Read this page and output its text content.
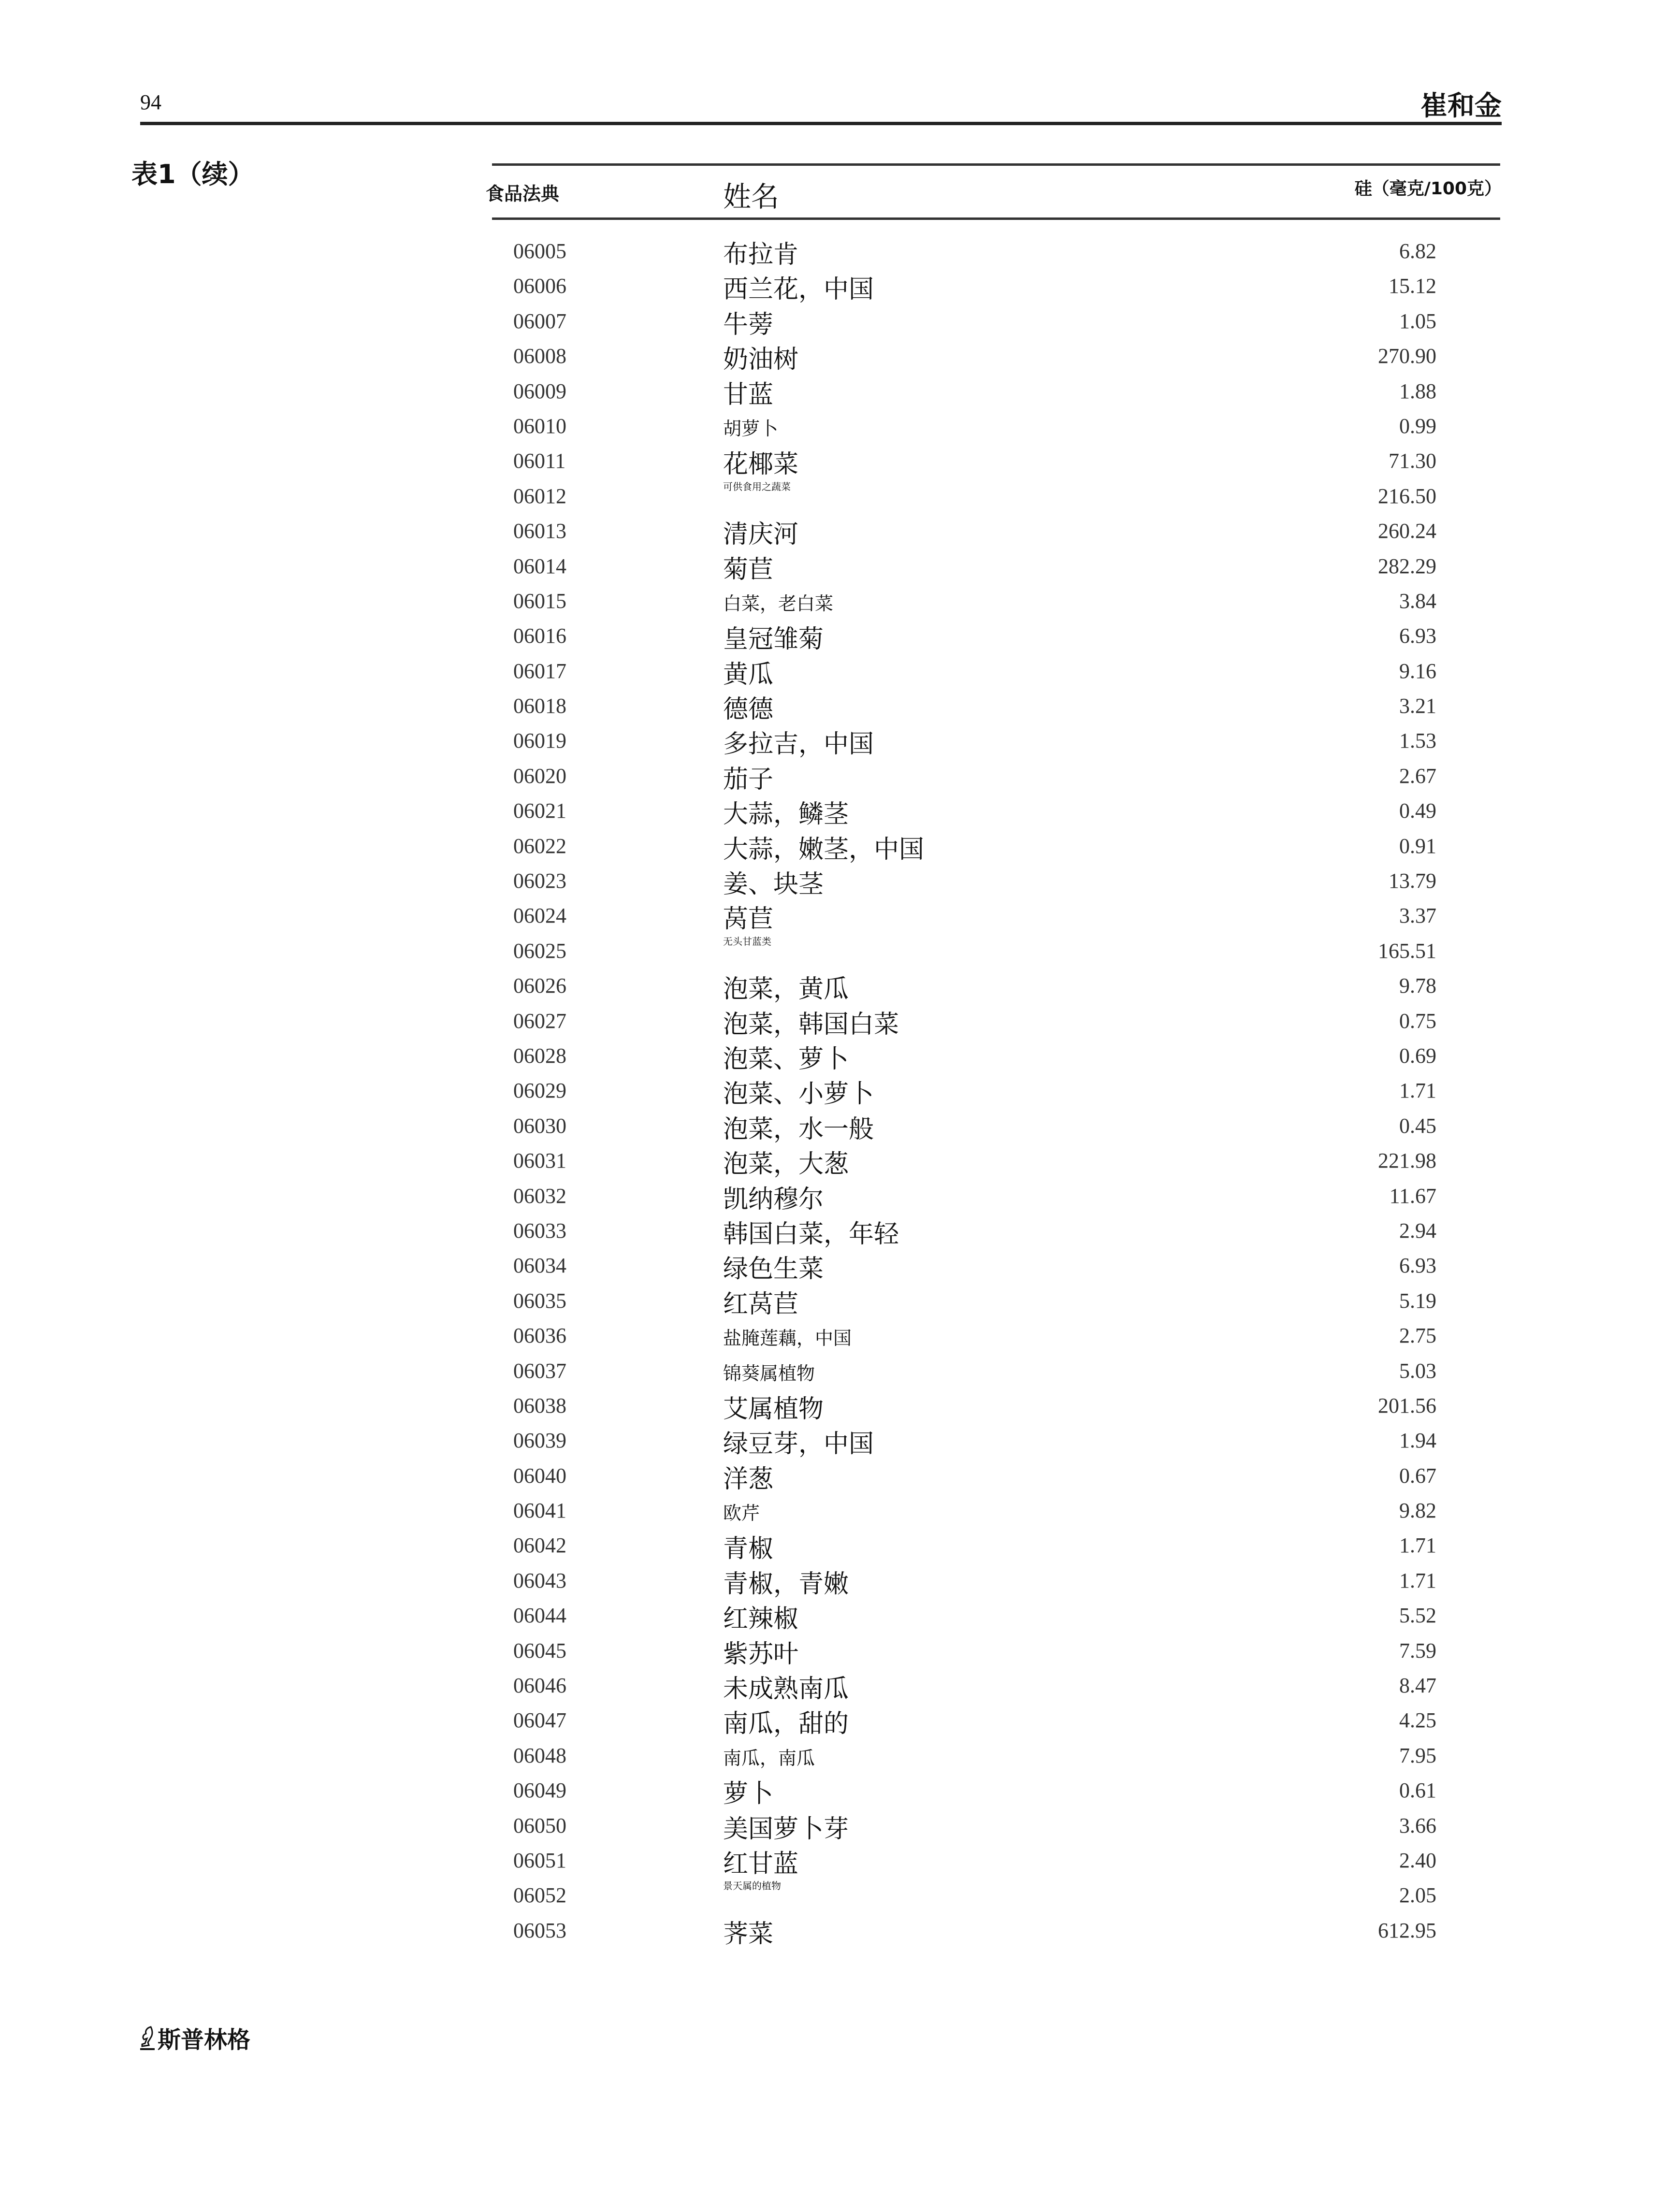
94	崔和金
表1（续）
食品法典	姓名	硅（毫克/100克）
06005	布拉肯	6.82
06006	西兰花，中国	15.12
06007	牛蒡	1.05
06008	奶油树	270.90
06009	甘蓝	1.88
06010	胡萝卜	0.99
06011	花椰菜	71.30
06012	可供食用之蔬菜	216.50
06013	清庆河	260.24
06014	菊苣	282.29
06015	白菜，老白菜	3.84
06016	皇冠雏菊	6.93
06017	黄瓜	9.16
06018	德德	3.21
06019	多拉吉，中国	1.53
06020	茄子	2.67
06021	大蒜，鳞茎	0.49
06022	大蒜，嫩茎，中国	0.91
06023	姜、块茎	13.79
06024	莴苣	3.37
06025	无头甘蓝类	165.51
06026	泡菜，黄瓜	9.78
06027	泡菜，韩国白菜	0.75
06028	泡菜、萝卜	0.69
06029	泡菜、小萝卜	1.71
06030	泡菜，水一般	0.45
06031	泡菜，大葱	221.98
06032	凯纳穆尔	11.67
06033	韩国白菜，年轻	2.94
06034	绿色生菜	6.93
06035	红莴苣	5.19
06036	盐腌莲藕，中国	2.75
06037	锦葵属植物	5.03
06038	艾属植物	201.56
06039	绿豆芽，中国	1.94
06040	洋葱	0.67
06041	欧芹	9.82
06042	青椒	1.71
06043	青椒，青嫩	1.71
06044	红辣椒	5.52
06045	紫苏叶	7.59
06046	未成熟南瓜	8.47
06047	南瓜，甜的	4.25
06048	南瓜，南瓜	7.95
06049	萝卜	0.61
06050	美国萝卜芽	3.66
06051	红甘蓝	2.40
06052	景天属的植物	2.05
06053	荠菜	612.95
斯普林格
